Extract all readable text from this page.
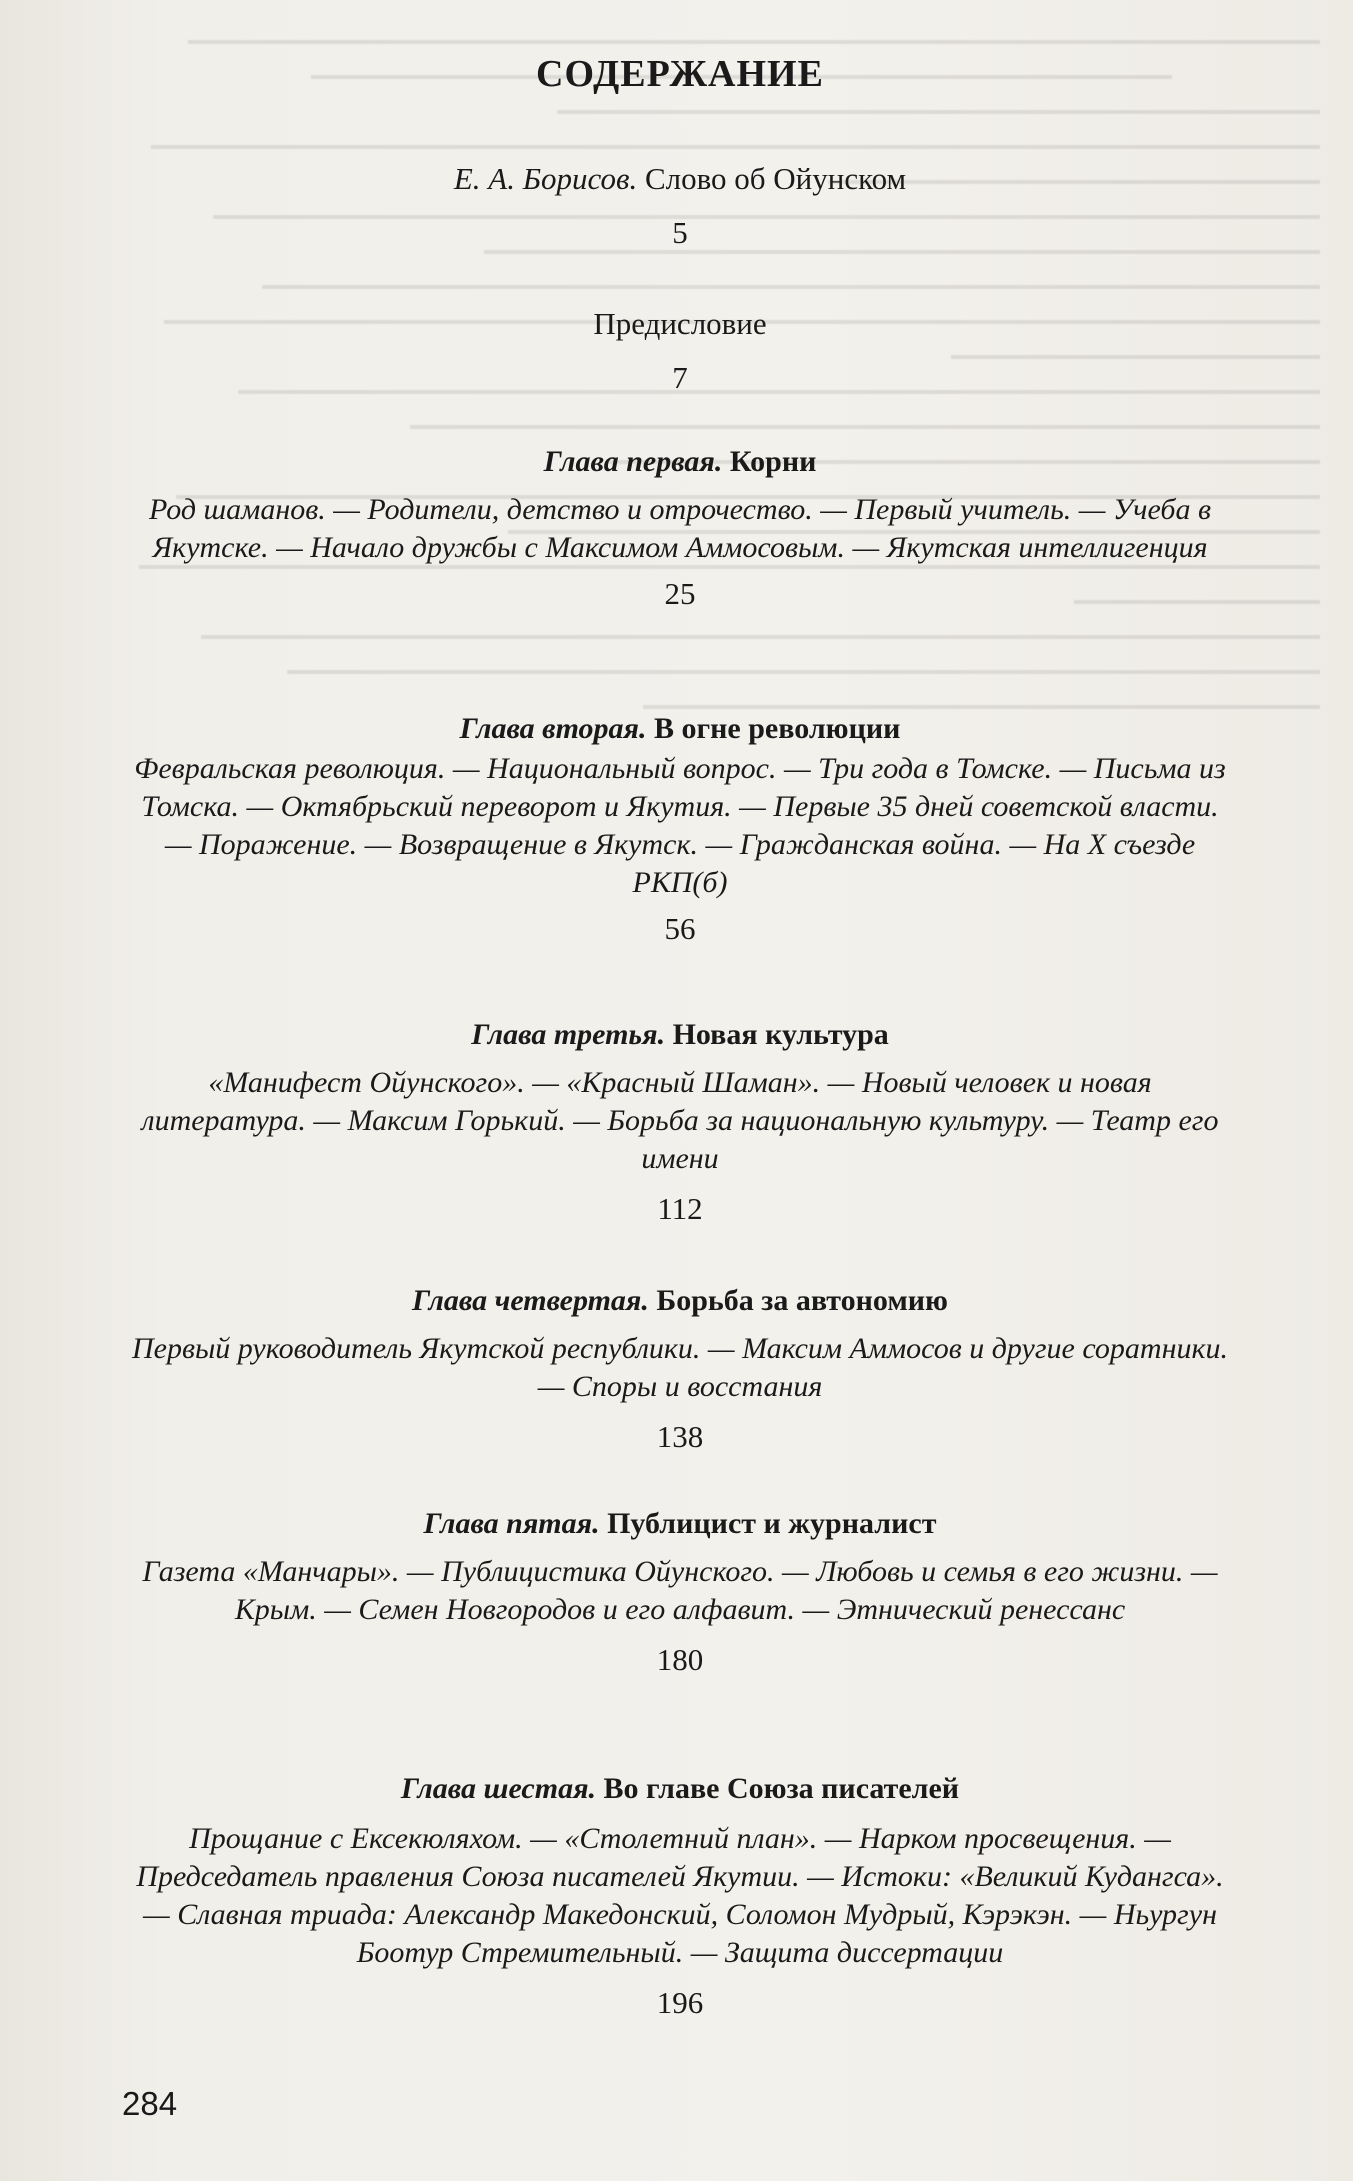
СОДЕРЖАНИЕ
Е. А. Борисов. Слово об Ойунском
5
Предисловие
7
Глава первая. Корни
Род шаманов. — Родители, детство и отрочество. — Первый учитель. — Учеба в Якутске. — Начало дружбы с Максимом Аммосовым. — Якутская интеллигенция
25
Глава вторая. В огне революции
Февральская революция. — Национальный вопрос. — Три года в Томске. — Письма из Томска. — Октябрьский переворот и Якутия. — Первые 35 дней советской власти. — Поражение. — Возвращение в Якутск. — Гражданская война. — На X съезде РКП(б)
56
Глава третья. Новая культура
«Манифест Ойунского». — «Красный Шаман». — Новый человек и новая литература. — Максим Горький. — Борьба за национальную культуру. — Театр его имени
112
Глава четвертая. Борьба за автономию
Первый руководитель Якутской республики. — Максим Аммосов и другие соратники. — Споры и восстания
138
Глава пятая. Публицист и журналист
Газета «Манчары». — Публицистика Ойунского. — Любовь и семья в его жизни. — Крым. — Семен Новгородов и его алфавит. — Этнический ренессанс
180
Глава шестая. Во главе Союза писателей
Прощание с Ексекюляхом. — «Столетний план». — Нарком просвещения. — Председатель правления Союза писателей Якутии. — Истоки: «Великий Кудангса». — Славная триада: Александр Македонский, Соломон Мудрый, Кэрэкэн. — Ньургун Боотур Стремительный. — Защита диссертации
196
284
